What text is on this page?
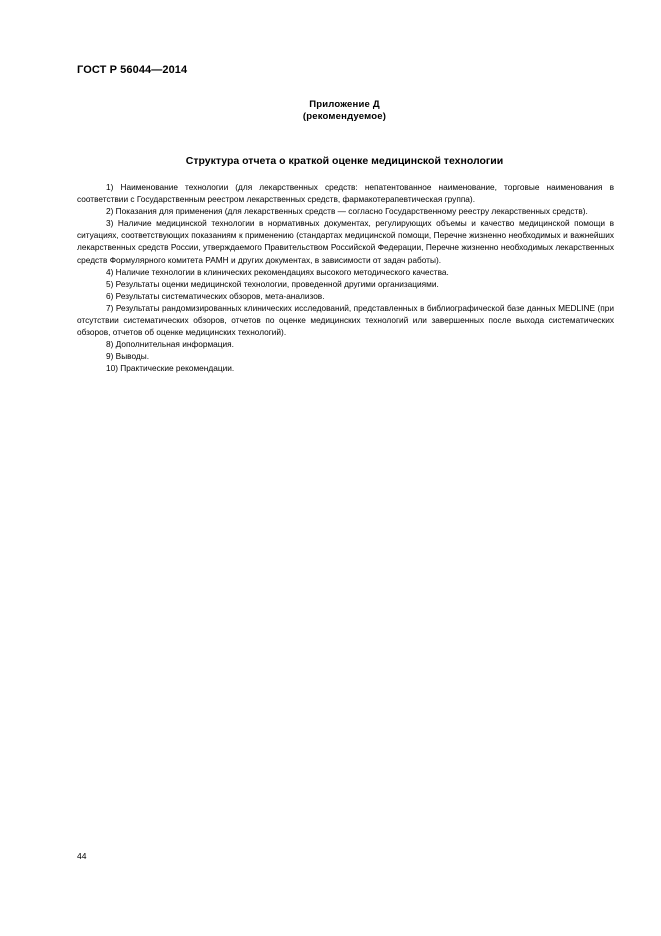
ГОСТ Р 56044—2014
Приложение Д
(рекомендуемое)
Структура отчета о краткой оценке медицинской технологии

1) Наименование технологии (для лекарственных средств: непатентованное наименование, торговые наименования в соответствии с Государственным реестром лекарственных средств, фармакотерапевтическая группа).

2) Показания для применения (для лекарственных средств — согласно Государственному реестру лекарственных средств).

3) Наличие медицинской технологии в нормативных документах, регулирующих объемы и качество медицинской помощи в ситуациях, соответствующих показаниям к применению (стандартах медицинской помощи, Перечне жизненно необходимых и важнейших лекарственных средств России, утверждаемого Правительством Российской Федерации, Перечне жизненно необходимых лекарственных средств Формулярного комитета РАМН и других документах, в зависимости от задач работы).

4) Наличие технологии в клинических рекомендациях высокого методического качества.

5) Результаты оценки медицинской технологии, проведенной другими организациями.

6) Результаты систематических обзоров, мета-анализов.

7) Результаты рандомизированных клинических исследований, представленных в библиографической базе данных MEDLINE (при отсутствии систематических обзоров, отчетов по оценке медицинских технологий или завершенных после выхода систематических обзоров, отчетов об оценке медицинских технологий).

8) Дополнительная информация.

9) Выводы.

10) Практические рекомендации.

44
